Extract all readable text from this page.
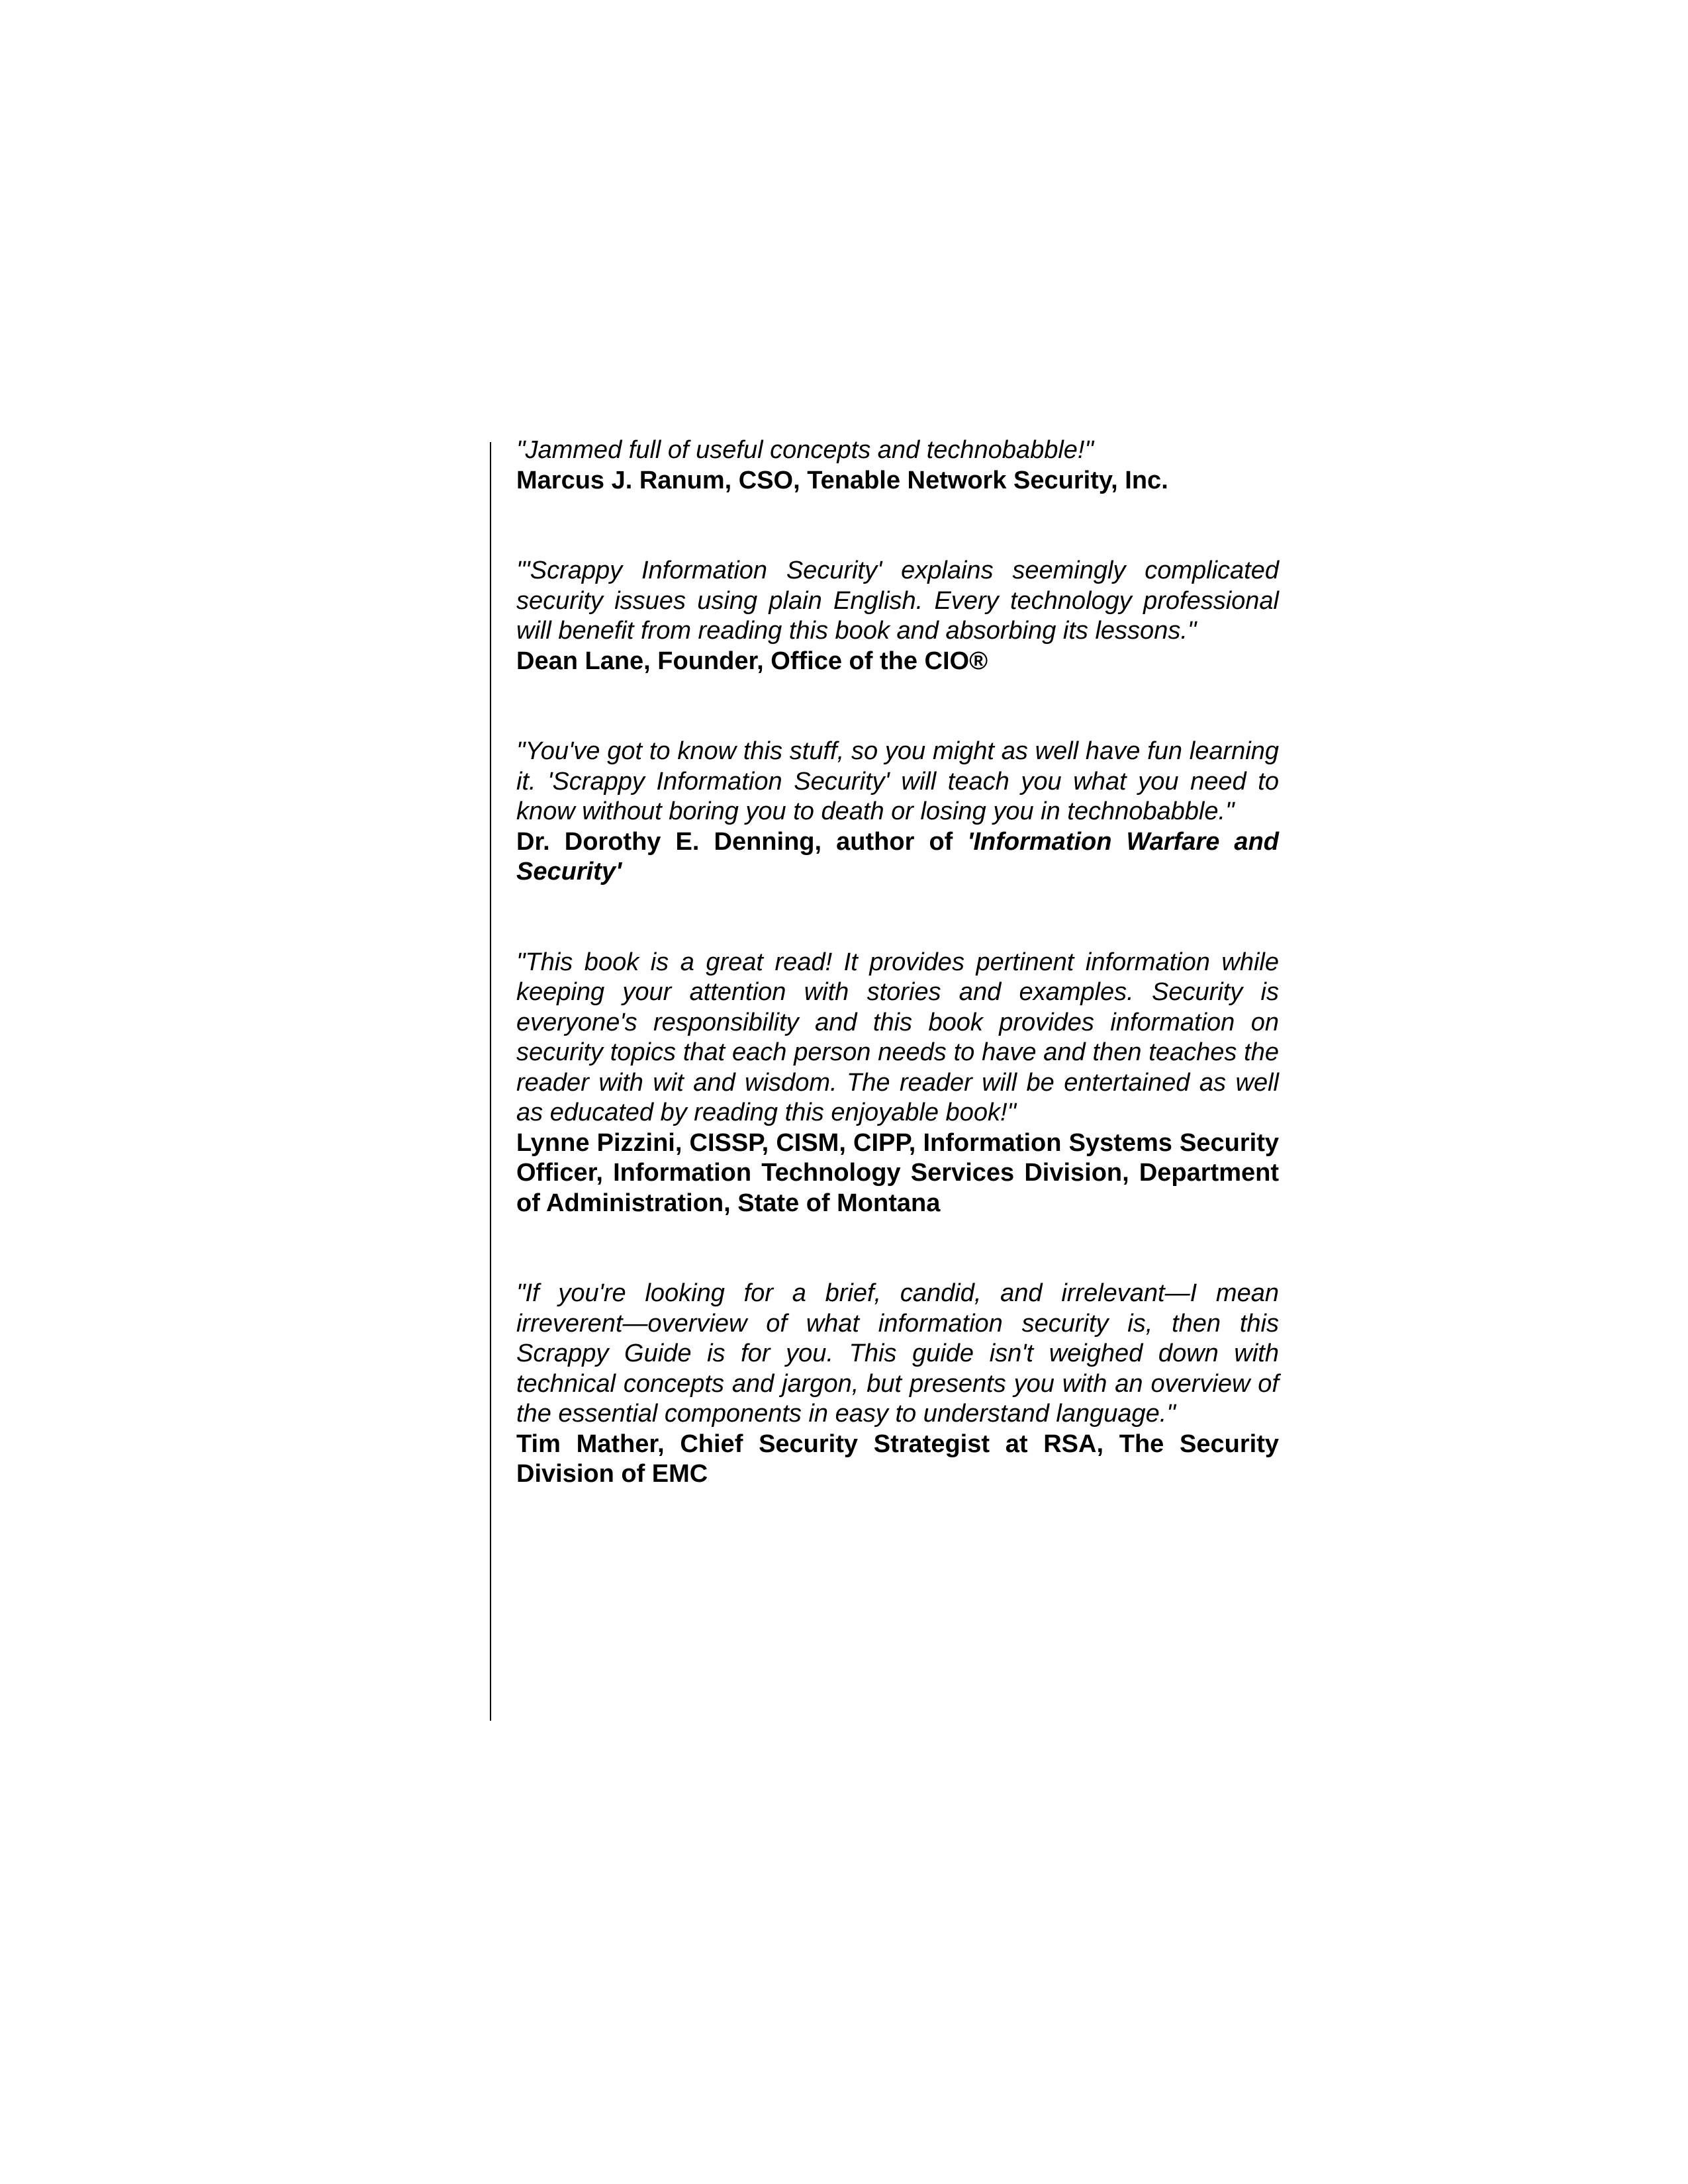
"Jammed full of useful concepts and technobabble!"

Marcus J. Ranum, CSO, Tenable Network Security, Inc.

"'Scrappy Information Security' explains seemingly complicated security issues using plain English. Every technology professional will benefit from reading this book and absorbing its lessons."

Dean Lane, Founder, Office of the CIO®

"You've got to know this stuff, so you might as well have fun learning it. 'Scrappy Information Security' will teach you what you need to know without boring you to death or losing you in technobabble."

Dr. Dorothy E. Denning, author of 'Information Warfare and Security'

"This book is a great read! It provides pertinent information while keeping your attention with stories and examples. Security is everyone's responsibility and this book provides information on security topics that each person needs to have and then teaches the reader with wit and wisdom. The reader will be entertained as well as educated by reading this enjoyable book!"

Lynne Pizzini, CISSP, CISM, CIPP, Information Systems Security Officer, Information Technology Services Division, Department of Administration, State of Montana

"If you're looking for a brief, candid, and irrelevant—I mean irreverent—overview of what information security is, then this Scrappy Guide is for you. This guide isn't weighed down with technical concepts and jargon, but presents you with an overview of the essential components in easy to understand language."

Tim Mather, Chief Security Strategist at RSA, The Security Division of EMC
